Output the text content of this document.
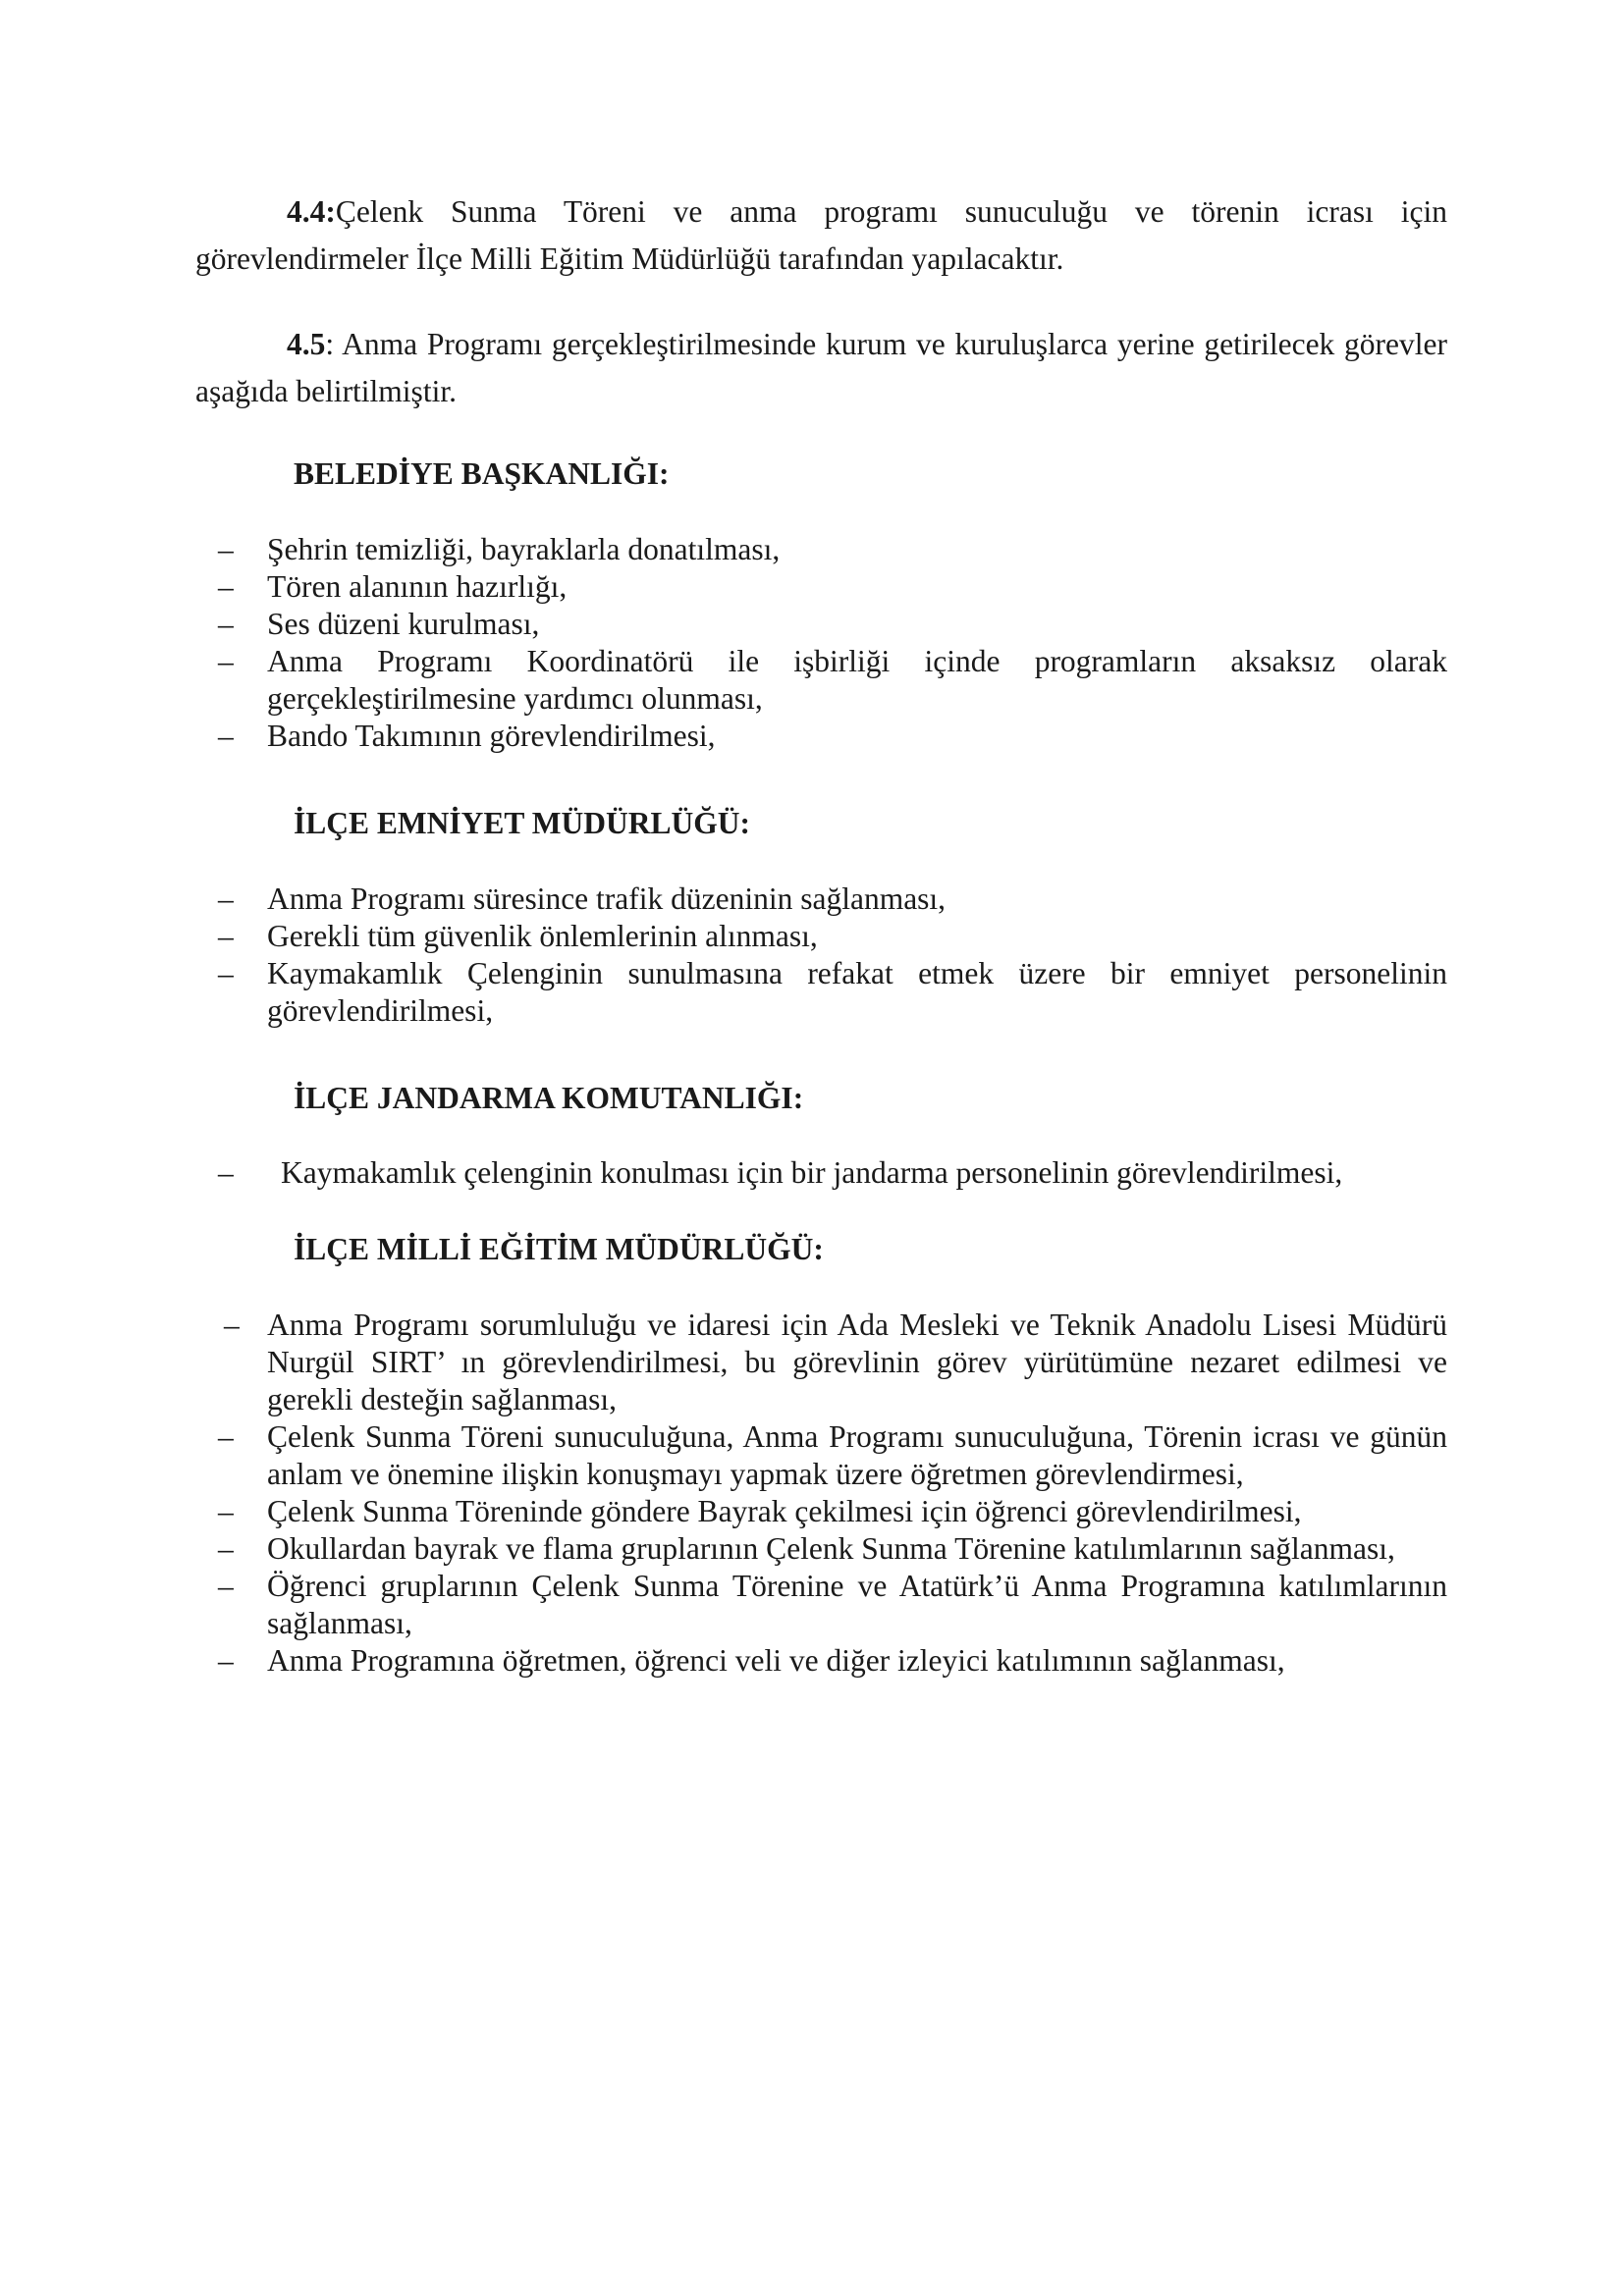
4.4:Çelenk Sunma Töreni ve anma programı sunuculuğu ve törenin icrası için görevlendirmeler İlçe Milli Eğitim Müdürlüğü tarafından yapılacaktır.

4.5: Anma Programı gerçekleştirilmesinde kurum ve kuruluşlarca yerine getirilecek görevler aşağıda belirtilmiştir.

BELEDİYE BAŞKANLIĞI:
– Şehrin temizliği, bayraklarla donatılması,
– Tören alanının hazırlığı,
– Ses düzeni kurulması,
– Anma Programı Koordinatörü ile işbirliği içinde programların aksaksız olarak gerçekleştirilmesine yardımcı olunması,
– Bando Takımının görevlendirilmesi,
İLÇE EMNİYET MÜDÜRLÜĞÜ:
– Anma Programı süresince trafik düzeninin sağlanması,
– Gerekli tüm güvenlik önlemlerinin alınması,
– Kaymakamlık Çelenginin sunulmasına refakat etmek üzere bir emniyet personelinin görevlendirilmesi,
İLÇE JANDARMA KOMUTANLIĞI:
– Kaymakamlık çelenginin konulması için bir jandarma personelinin görevlendirilmesi,
İLÇE MİLLİ EĞİTİM MÜDÜRLÜĞÜ:
– Anma Programı sorumluluğu ve idaresi için Ada Mesleki ve Teknik Anadolu Lisesi Müdürü Nurgül SIRT’ ın görevlendirilmesi, bu görevlinin görev yürütümüne nezaret edilmesi ve gerekli desteğin sağlanması,
– Çelenk Sunma Töreni sunuculuğuna, Anma Programı sunuculuğuna, Törenin icrası ve günün anlam ve önemine ilişkin konuşmayı yapmak üzere öğretmen görevlendirmesi,
– Çelenk Sunma Töreninde göndere Bayrak çekilmesi için öğrenci görevlendirilmesi,
– Okullardan bayrak ve flama gruplarının Çelenk Sunma Törenine katılımlarının sağlanması,
– Öğrenci gruplarının Çelenk Sunma Törenine ve Atatürk’ü Anma Programına katılımlarının sağlanması,
– Anma Programına öğretmen, öğrenci veli ve diğer izleyici katılımının sağlanması,
